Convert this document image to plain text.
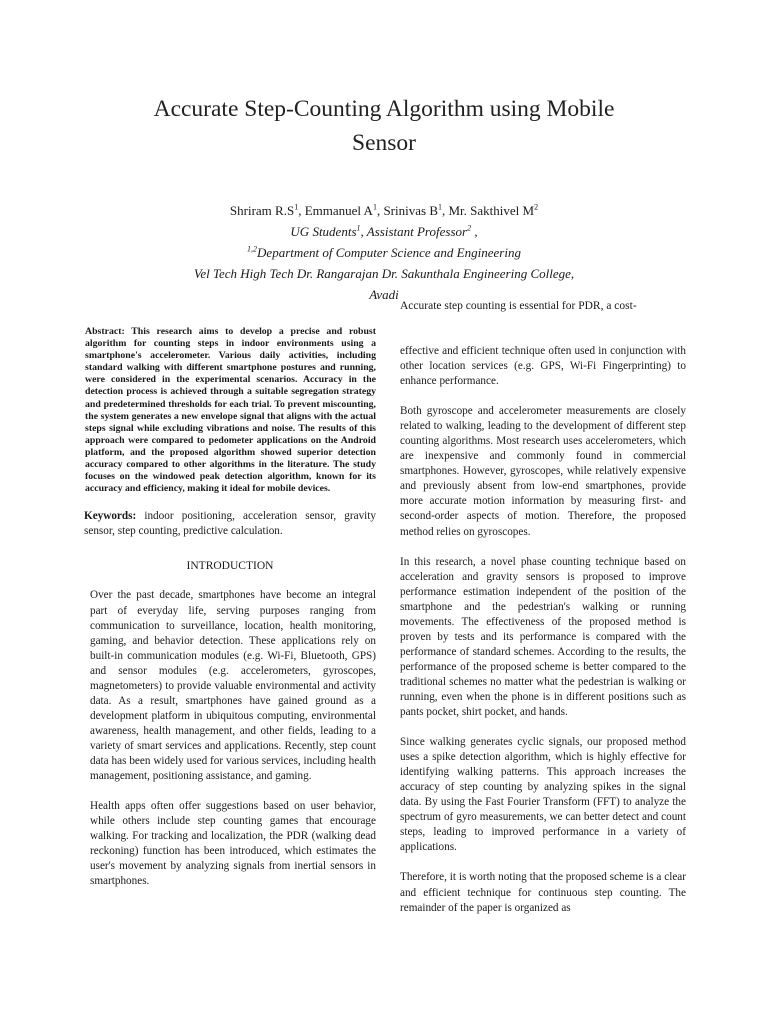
Accurate Step-Counting Algorithm using Mobile
Sensor
Shriram $R.S^1$, Emmanuel $A^1$, Srinivas $B^1$, Mr. Sakthivel $M^2$
UG Students$^1$, Assistant Professor$^2$ ,
$^{1,2}$Department of Computer Science and Engineering
Vel Tech High Tech Dr. Rangarajan Dr. Sakunthala Engineering College,
Avadi
Accurate step counting is essential for PDR, a cost-

Abstract: This research aims to develop a precise and robust algorithm for counting steps in indoor environments using a smartphone's accelerometer. Various daily activities, including standard walking with different smartphone postures and running, were considered in the experimental scenarios. Accuracy in the detection process is achieved through a suitable segregation strategy and predetermined thresholds for each trial. To prevent miscounting, the system generates a new envelope signal that aligns with the actual steps signal while excluding vibrations and noise. The results of this approach were compared to pedometer applications on the Android platform, and the proposed algorithm showed superior detection accuracy compared to other algorithms in the literature. The study focuses on the windowed peak detection algorithm, known for its accuracy and efficiency, making it ideal for mobile devices.

Keywords: indoor positioning, acceleration sensor, gravity sensor, step counting, predictive calculation.

INTRODUCTION

Over the past decade, smartphones have become an integral part of everyday life, serving purposes ranging from communication to surveillance, location, health monitoring, gaming, and behavior detection. These applications rely on built-in communication modules (e.g. Wi-Fi, Bluetooth, GPS) and sensor modules (e.g. accelerometers, gyroscopes, magnetometers) to provide valuable environmental and activity data. As a result, smartphones have gained ground as a development platform in ubiquitous computing, environmental awareness, health management, and other fields, leading to a variety of smart services and applications. Recently, step count data has been widely used for various services, including health management, positioning assistance, and gaming.

Health apps often offer suggestions based on user behavior, while others include step counting games that encourage walking. For tracking and localization, the PDR (walking dead reckoning) function has been introduced, which estimates the user's movement by analyzing signals from inertial sensors in smartphones.

effective and efficient technique often used in conjunction with other location services (e.g. GPS, Wi-Fi Fingerprinting) to enhance performance.

Both gyroscope and accelerometer measurements are closely related to walking, leading to the development of different step counting algorithms. Most research uses accelerometers, which are inexpensive and commonly found in commercial smartphones. However, gyroscopes, while relatively expensive and previously absent from low-end smartphones, provide more accurate motion information by measuring first- and second-order aspects of motion. Therefore, the proposed method relies on gyroscopes.

In this research, a novel phase counting technique based on acceleration and gravity sensors is proposed to improve performance estimation independent of the position of the smartphone and the pedestrian's walking or running movements. The effectiveness of the proposed method is proven by tests and its performance is compared with the performance of standard schemes. According to the results, the performance of the proposed scheme is better compared to the traditional schemes no matter what the pedestrian is walking or running, even when the phone is in different positions such as pants pocket, shirt pocket, and hands.

Since walking generates cyclic signals, our proposed method uses a spike detection algorithm, which is highly effective for identifying walking patterns. This approach increases the accuracy of step counting by analyzing spikes in the signal data. By using the Fast Fourier Transform (FFT) to analyze the spectrum of gyro measurements, we can better detect and count steps, leading to improved performance in a variety of applications.

Therefore, it is worth noting that the proposed scheme is a clear and efficient technique for continuous step counting. The remainder of the paper is organized as
